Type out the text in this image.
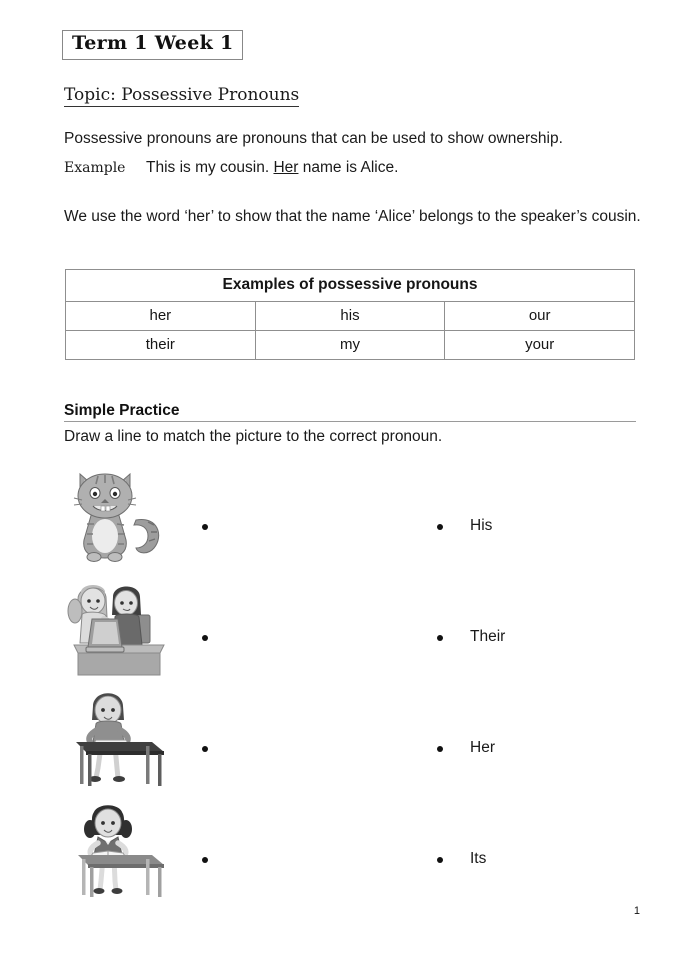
Term 1 Week 1
Topic: Possessive Pronouns
Possessive pronouns are pronouns that can be used to show ownership.
Example	This is my cousin. Her name is Alice.
We use the word ‘her’ to show that the name ‘Alice’ belongs to the speaker’s cousin.
Examples of possessive pronouns		
her	his	our
their	my	your
Simple Practice
Draw a line to match the picture to the correct pronoun.
His
Their
Her
Its
1
